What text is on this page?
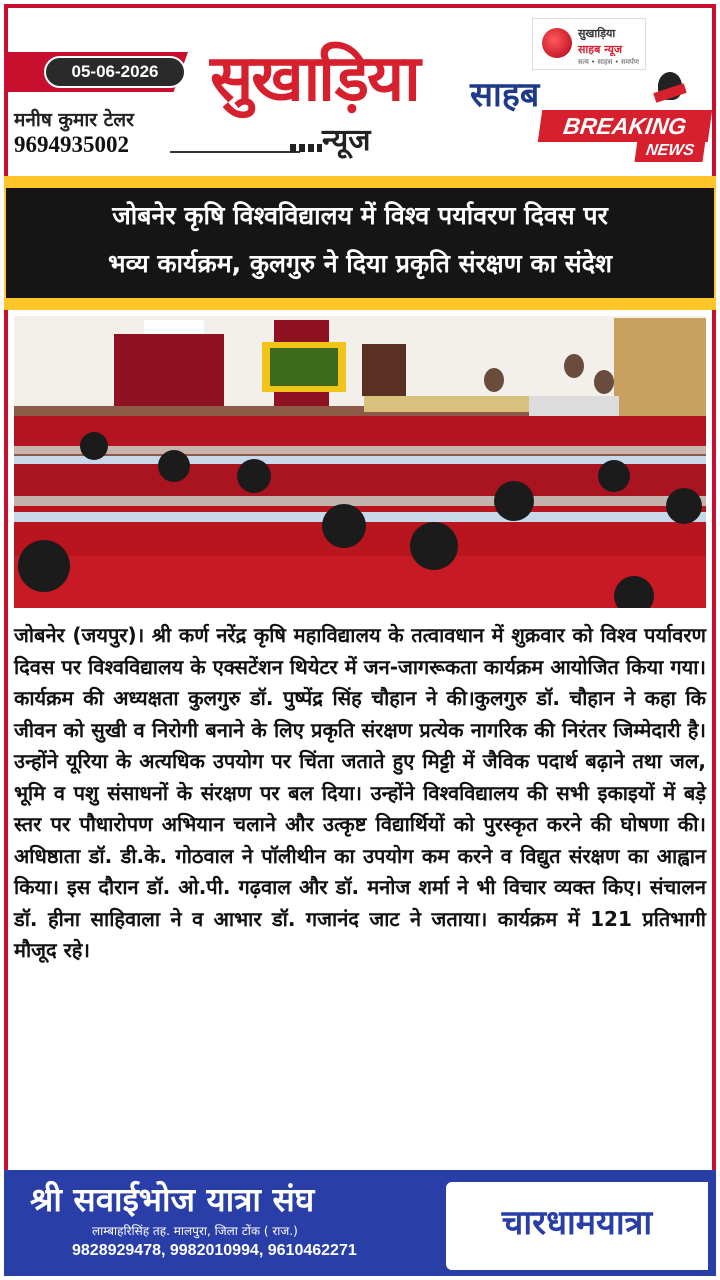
05-06-2026
मनीष कुमार टेलर
9694935002
सुखाड़िया साहब
न्यूज
सुखाड़िया
साहब न्यूज
सत्य • साहस • समर्पण
BREAKING
NEWS
जोबनेर कृषि विश्वविद्यालय में विश्व पर्यावरण दिवस पर
भव्य कार्यक्रम, कुलगुरु ने दिया प्रकृति संरक्षण का संदेश
जोबनेर (जयपुर)। श्री कर्ण नरेंद्र कृषि महाविद्यालय के तत्वावधान में शुक्रवार को विश्व पर्यावरण दिवस पर विश्वविद्यालय के एक्सटेंशन थियेटर में जन-जागरूकता कार्यक्रम आयोजित किया गया। कार्यक्रम की अध्यक्षता कुलगुरु डॉ. पुष्पेंद्र सिंह चौहान ने की।कुलगुरु डॉ. चौहान ने कहा कि जीवन को सुखी व निरोगी बनाने के लिए प्रकृति संरक्षण प्रत्येक नागरिक की निरंतर जिम्मेदारी है। उन्होंने यूरिया के अत्यधिक उपयोग पर चिंता जताते हुए मिट्टी में जैविक पदार्थ बढ़ाने तथा जल, भूमि व पशु संसाधनों के संरक्षण पर बल दिया। उन्होंने विश्वविद्यालय की सभी इकाइयों में बड़े स्तर पर पौधारोपण अभियान चलाने और उत्कृष्ट विद्यार्थियों को पुरस्कृत करने की घोषणा की। अधिष्ठाता डॉ. डी.के. गोठवाल ने पॉलीथीन का उपयोग कम करने व विद्युत संरक्षण का आह्वान किया। इस दौरान डॉ. ओ.पी. गढ़वाल और डॉ. मनोज शर्मा ने भी विचार व्यक्त किए। संचालन डॉ. हीना साहिवाला ने व आभार डॉ. गजानंद जाट ने जताया। कार्यक्रम में 121 प्रतिभागी मौजूद रहे।
श्री सवाईभोज यात्रा संघ
लाम्बाहरिसिंह तह. मालपुरा, जिला टोंक ( राज.)
9828929478, 9982010994, 9610462271
चारधामयात्रा
